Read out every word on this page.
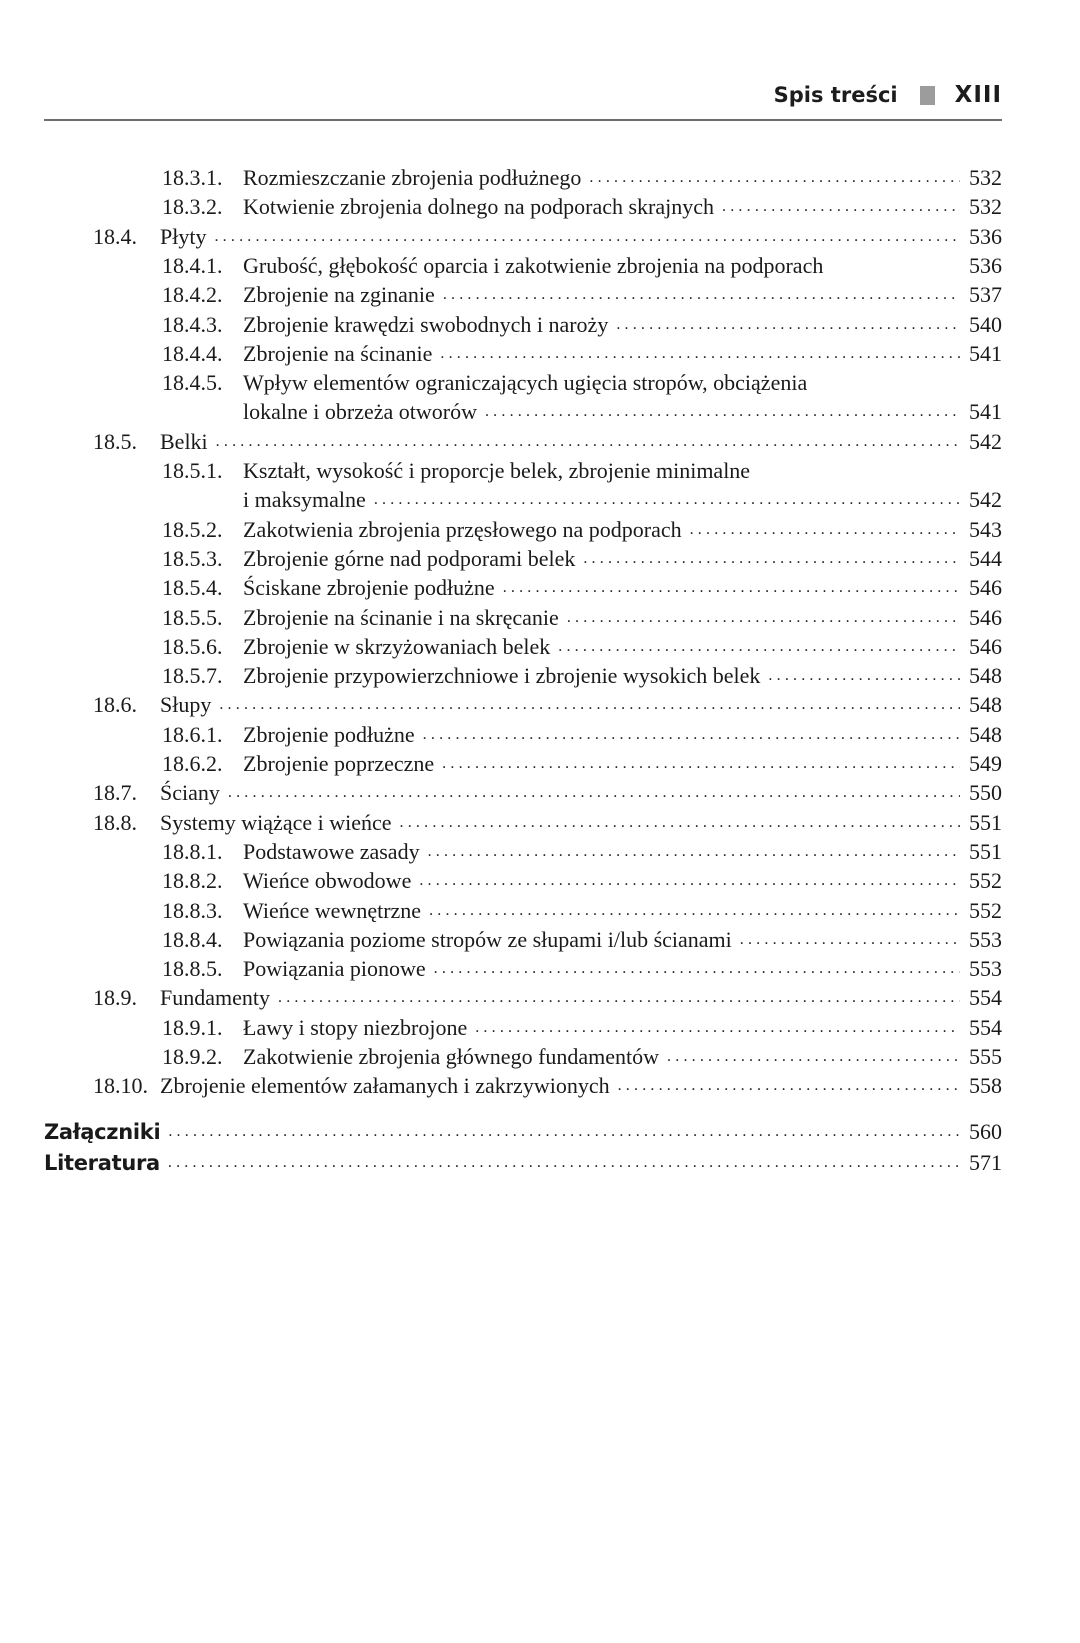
Spis treści XIII
18.3.1. Rozmieszczanie zbrojenia podłużnego .....	532
18.3.2. Kotwienie zbrojenia dolnego na podporach skrajnych .....	532
18.4. Płyty .....	536
18.4.1. Grubość, głębokość oparcia i zakotwienie zbrojenia na podporach	536
18.4.2. Zbrojenie na zginanie .....	537
18.4.3. Zbrojenie krawędzi swobodnych i naroży .....	540
18.4.4. Zbrojenie na ścinanie .....	541
18.4.5. Wpływ elementów ograniczających ugięcia stropów, obciążenia
lokalne i obrzeża otworów .....	541
18.5. Belki .....	542
18.5.1. Kształt, wysokość i proporcje belek, zbrojenie minimalne
i maksymalne .....	542
18.5.2. Zakotwienia zbrojenia przęsłowego na podporach .....	543
18.5.3. Zbrojenie górne nad podporami belek .....	544
18.5.4. Ściskane zbrojenie podłużne .....	546
18.5.5. Zbrojenie na ścinanie i na skręcanie .....	546
18.5.6. Zbrojenie w skrzyżowaniach belek .....	546
18.5.7. Zbrojenie przypowierzchniowe i zbrojenie wysokich belek .....	548
18.6. Słupy .....	548
18.6.1. Zbrojenie podłużne .....	548
18.6.2. Zbrojenie poprzeczne .....	549
18.7. Ściany .....	550
18.8. Systemy wiążące i wieńce .....	551
18.8.1. Podstawowe zasady .....	551
18.8.2. Wieńce obwodowe .....	552
18.8.3. Wieńce wewnętrzne .....	552
18.8.4. Powiązania poziome stropów ze słupami i/lub ścianami .....	553
18.8.5. Powiązania pionowe .....	553
18.9. Fundamenty .....	554
18.9.1. Ławy i stopy niezbrojone .....	554
18.9.2. Zakotwienie zbrojenia głównego fundamentów .....	555
18.10. Zbrojenie elementów załamanych i zakrzywionych .....	558
Załączniki .....	560
Literatura .....	571
